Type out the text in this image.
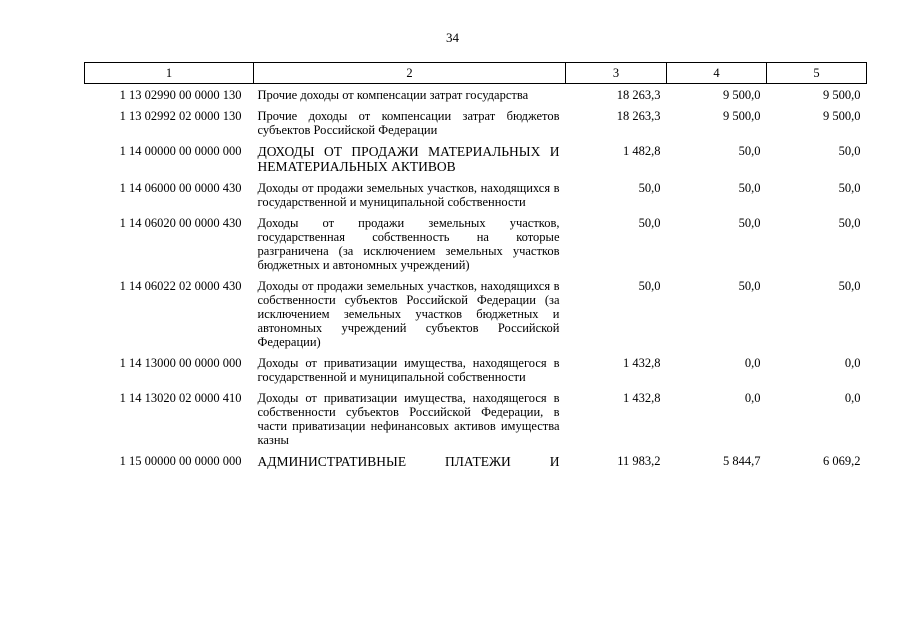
34
1	2	3	4	5
1 13 02990 00 0000 130	Прочие доходы от компенсации затрат государства	18 263,3	9 500,0	9 500,0
1 13 02992 02 0000 130	Прочие доходы от компенсации затрат бюджетов субъектов Российской Федерации	18 263,3	9 500,0	9 500,0
1 14 00000 00 0000 000	ДОХОДЫ ОТ ПРОДАЖИ МАТЕРИАЛЬНЫХ И НЕМАТЕРИАЛЬНЫХ АКТИВОВ	1 482,8	50,0	50,0
1 14 06000 00 0000 430	Доходы от продажи земельных участков, находящихся в государственной и муниципальной собственности	50,0	50,0	50,0
1 14 06020 00 0000 430	Доходы от продажи земельных участков, государственная собственность на которые разграничена (за исключением земельных участков бюджетных и автономных учреждений)	50,0	50,0	50,0
1 14 06022 02 0000 430	Доходы от продажи земельных участков, находящихся в собственности субъектов Российской Федерации (за исключением земельных участков бюджетных и автономных учреждений субъектов Российской Федерации)	50,0	50,0	50,0
1 14 13000 00 0000 000	Доходы от приватизации имущества, находящегося в государственной и муниципальной собственности	1 432,8	0,0	0,0
1 14 13020 02 0000 410	Доходы от приватизации имущества, находящегося в собственности субъектов Российской Федерации, в части приватизации нефинансовых активов имущества казны	1 432,8	0,0	0,0
1 15 00000 00 0000 000	АДМИНИСТРАТИВНЫЕ ПЛАТЕЖИ И	11 983,2	5 844,7	6 069,2
